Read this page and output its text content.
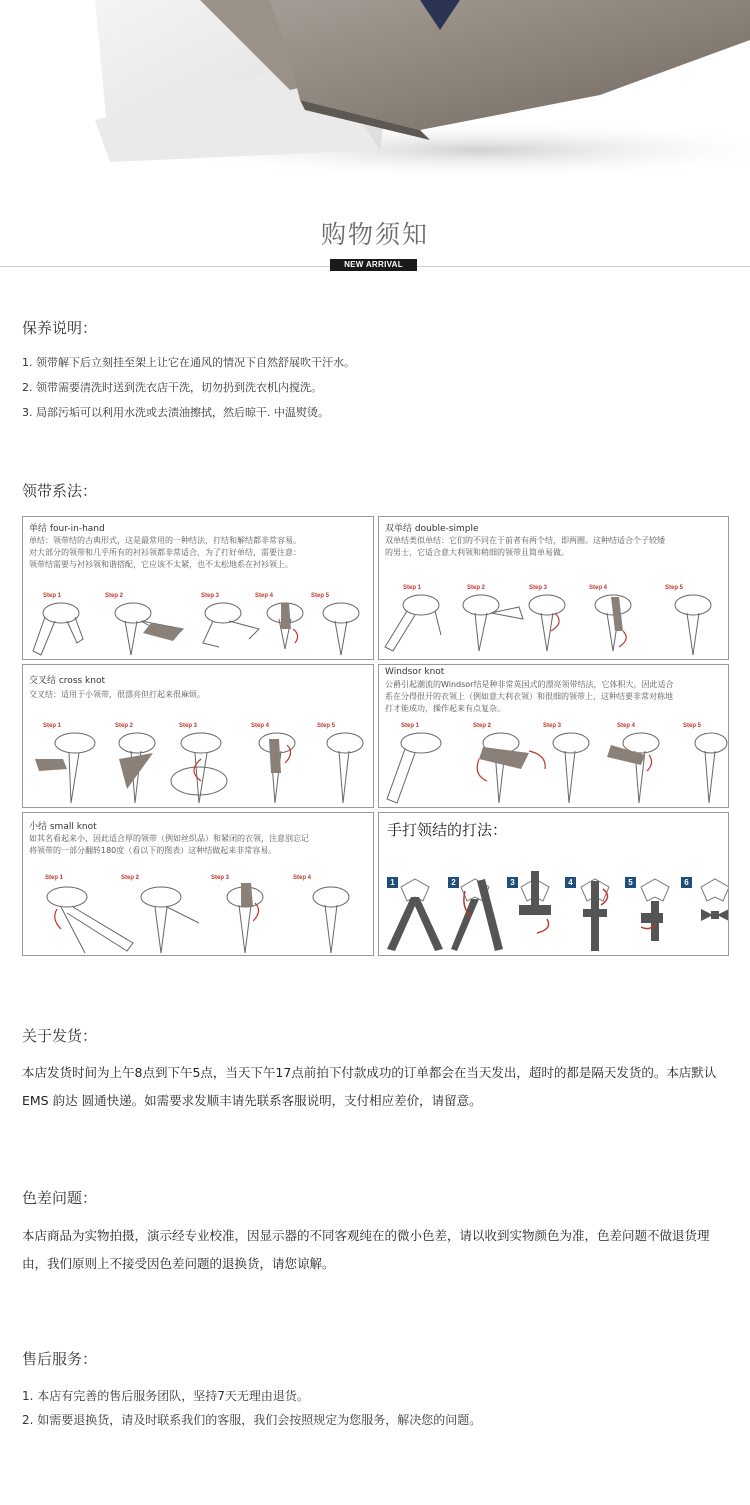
购物须知
NEW ARRIVAL
保养说明：
1. 领带解下后立刻挂至架上让它在通风的情况下自然舒展吹干汗水。
2. 领带需要清洗时送到洗衣店干洗，切勿扔到洗衣机内搅洗。
3. 局部污垢可以利用水洗或去渍油擦拭，然后晾干. 中温熨烫。
领带系法：
单结 four-in-hand
单结：领带结的古典形式，这是最常用的一种结法，打结和解结都非常容易。
对大部分的领带和几乎所有的衬衫领都非常适合，为了打好单结，需要注意：
领带结需要与衬衫领和谐搭配，它应该不太紧，也不太松地系在衬衫领上。
Step 1	Step 2	Step 3	Step 4	Step 5
双单结 double-simple
双单结类似单结：它们的不同在于前者有两个结，即两圈。这种结适合个子较矮
的男士，它适合意大利领和稍细的领带且简单易做。
Step 1	Step 2	Step 3	Step 4	Step 5
交叉结 cross knot
交叉结：适用于小领带，很漂亮但打起来很麻烦。
Step 1	Step 2	Step 3	Step 4	Step 5
Windsor knot
公爵引起潮流的Windsor结是种非常英国式的漂亮领带结法，它体积大，因此适合
系在分得很开的衣领上（例如意大利衣领）和很细的领带上，这种结要非常对称地
打才能成功，操作起来有点复杂。
Step 1	Step 2	Step 3	Step 4	Step 5
小结 small knot
如其名看起来小，因此适合厚的领带（例如丝织品）和紧闭的衣领，注意别忘记
将领带的一部分翻转180度（看以下的图表）这种结做起来非常容易。
Step 1	Step 2	Step 3	Step 4
手打领结的打法：
1	2	3	4	5	6
关于发货：
本店发货时间为上午8点到下午5点，当天下午17点前拍下付款成功的订单都会在当天发出，超时的都是隔天发货的。本店默认EMS 韵达 圆通快递。如需要求发顺丰请先联系客服说明，支付相应差价，请留意。
色差问题：
本店商品为实物拍摄，演示经专业校准，因显示器的不同客观纯在的微小色差，请以收到实物颜色为准，色差问题不做退货理由，我们原则上不接受因色差问题的退换货，请您谅解。
售后服务：
1. 本店有完善的售后服务团队，坚持7天无理由退货。
2. 如需要退换货，请及时联系我们的客服，我们会按照规定为您服务，解决您的问题。
